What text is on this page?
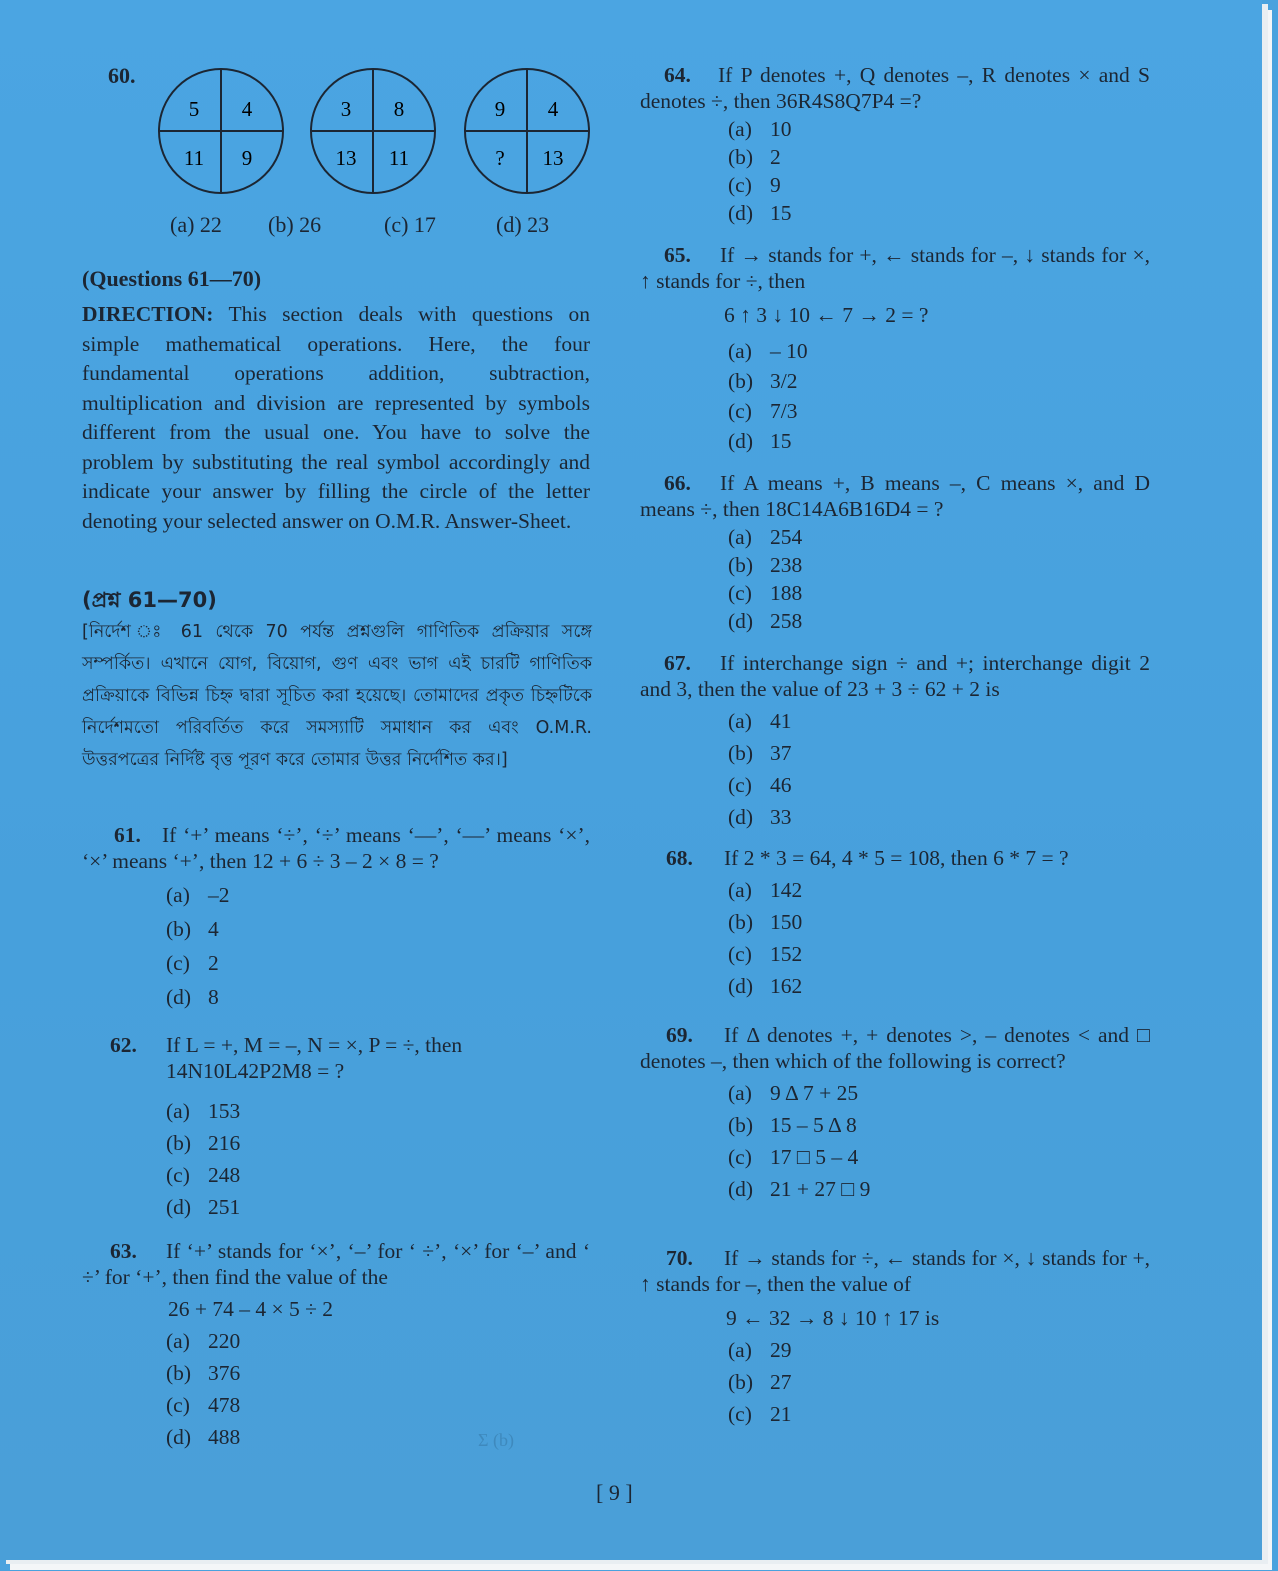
60.
5 4
11 9
3 8
13 11
9 4
? 13
(a) 22	(b) 26	(c) 17	(d) 23
(Questions 61—70)
DIRECTION: This section deals with questions on simple mathematical operations. Here, the four fundamental operations addition, subtraction, multiplication and division are represented by symbols different from the usual one. You have to solve the problem by substituting the real symbol accordingly and indicate your answer by filling the circle of the letter denoting your selected answer on O.M.R. Answer-Sheet.
(প্রশ্ন 61—70)
[নির্দেশ ঃ 61 থেকে 70 পর্যন্ত প্রশ্নগুলি গাণিতিক প্রক্রিয়ার সঙ্গে সম্পর্কিত। এখানে যোগ, বিয়োগ, গুণ এবং ভাগ এই চারটি গাণিতিক প্রক্রিয়াকে বিভিন্ন চিহ্ন দ্বারা সূচিত করা হয়েছে। তোমাদের প্রকৃত চিহ্নটিকে নির্দেশমতো পরিবর্তিত করে সমস্যাটি সমাধান কর এবং O.M.R. উত্তরপত্রের নির্দিষ্ট বৃত্ত পূরণ করে তোমার উত্তর নির্দেশিত কর।]
61. If ‘+’ means ‘÷’, ‘÷’ means ‘—’, ‘—’ means ‘×’, ‘×’ means ‘+’, then 12 + 6 ÷ 3 – 2 × 8 = ?
(a) –2
(b) 4
(c) 2
(d) 8
62.	If L = +, M = –, N = ×, P = ÷, then 14N10L42P2M8 = ?
(a) 153
(b) 216
(c) 248
(d) 251
63. If ‘+’ stands for ‘×’, ‘–’ for ‘ ÷’, ‘×’ for ‘–’ and ‘ ÷’ for ‘+’, then find the value of the
26 + 74 – 4 × 5 ÷ 2
(a) 220
(b) 376
(c) 478
(d) 488
64. If P denotes +, Q denotes –, R denotes × and S denotes ÷, then 36R4S8Q7P4 =?
(a) 10
(b) 2
(c) 9
(d) 15
65. If → stands for +, ← stands for –, ↓ stands for ×, ↑ stands for ÷, then
6 ↑ 3 ↓ 10 ← 7 → 2 = ?
(a) – 10
(b) 3/2
(c) 7/3
(d) 15
66. If A means +, B means –, C means ×, and D means ÷, then 18C14A6B16D4 = ?
(a) 254
(b) 238
(c) 188
(d) 258
67. If interchange sign ÷ and +; interchange digit 2 and 3, then the value of 23 + 3 ÷ 62 + 2 is
(a) 41
(b) 37
(c) 46
(d) 33
68. If 2 * 3 = 64, 4 * 5 = 108, then 6 * 7 = ?
(a) 142
(b) 150
(c) 152
(d) 162
69. If Δ denotes +, + denotes >, – denotes < and □ denotes –, then which of the following is correct?
(a) 9 Δ 7 + 25
(b) 15 – 5 Δ 8
(c) 17 □ 5 – 4
(d) 21 + 27 □ 9
70. If → stands for ÷, ← stands for ×, ↓ stands for +, ↑ stands for –, then the value of
9 ← 32 → 8 ↓ 10 ↑ 17 is
(a) 29
(b) 27
(c) 21
Σ (b)
[ 9 ]
